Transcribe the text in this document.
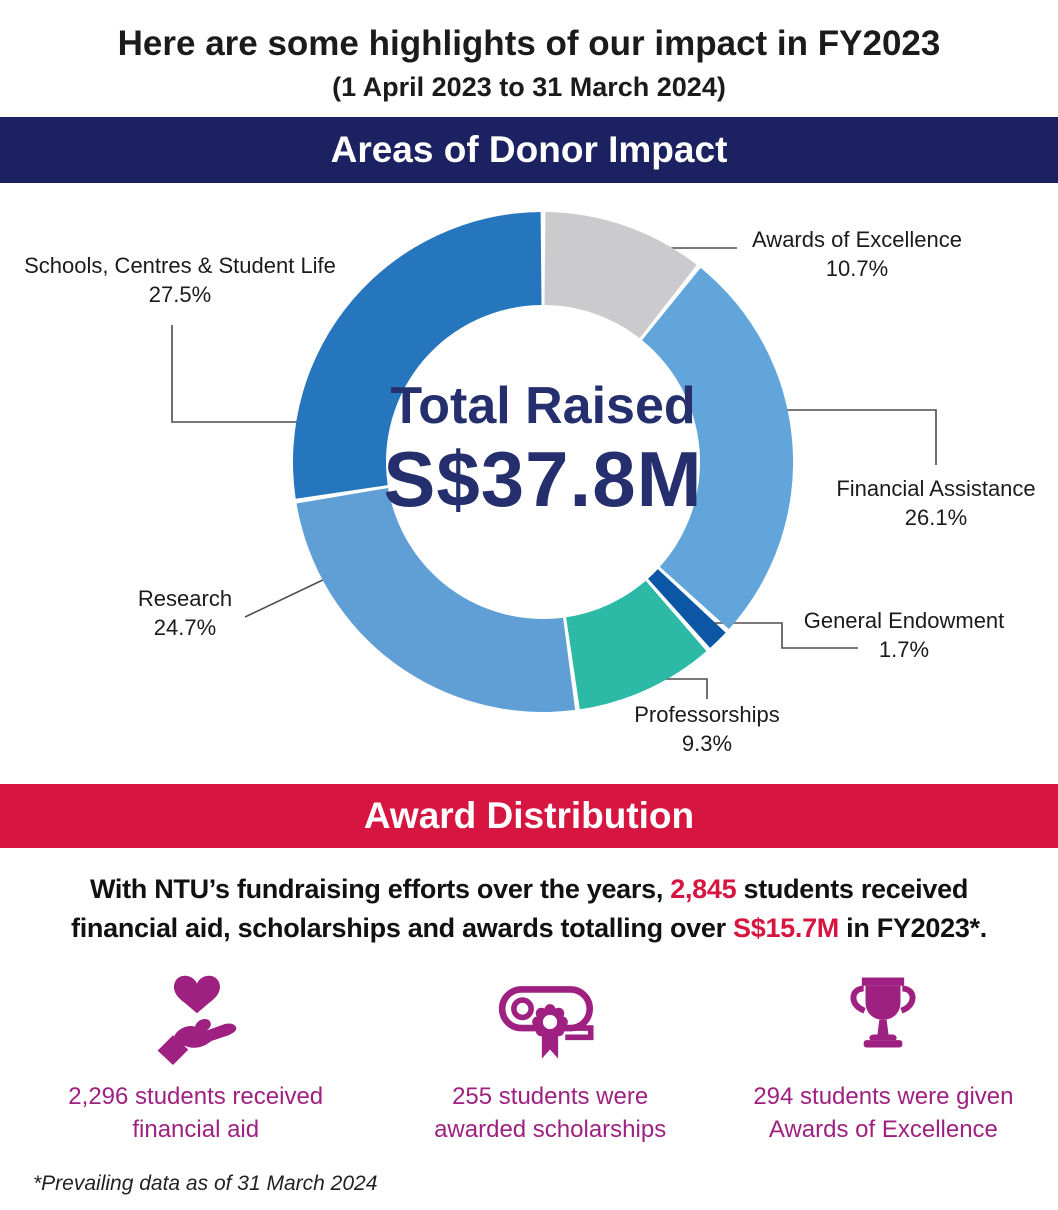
Here are some highlights of our impact in FY2023
(1 April 2023 to 31 March 2024)
Areas of Donor Impact
Total Raised
S$37.8M
Schools, Centres & Student Life
27.5%
Awards of Excellence
10.7%
Financial Assistance
26.1%
General Endowment
1.7%
Professorships
9.3%
Research
24.7%
Award Distribution
With NTU’s fundraising efforts over the years, 2,845 students received
financial aid, scholarships and awards totalling over S$15.7M in FY2023*.
2,296 students received
financial aid
255 students were
awarded scholarships
294 students were given
Awards of Excellence
*Prevailing data as of 31 March 2024
